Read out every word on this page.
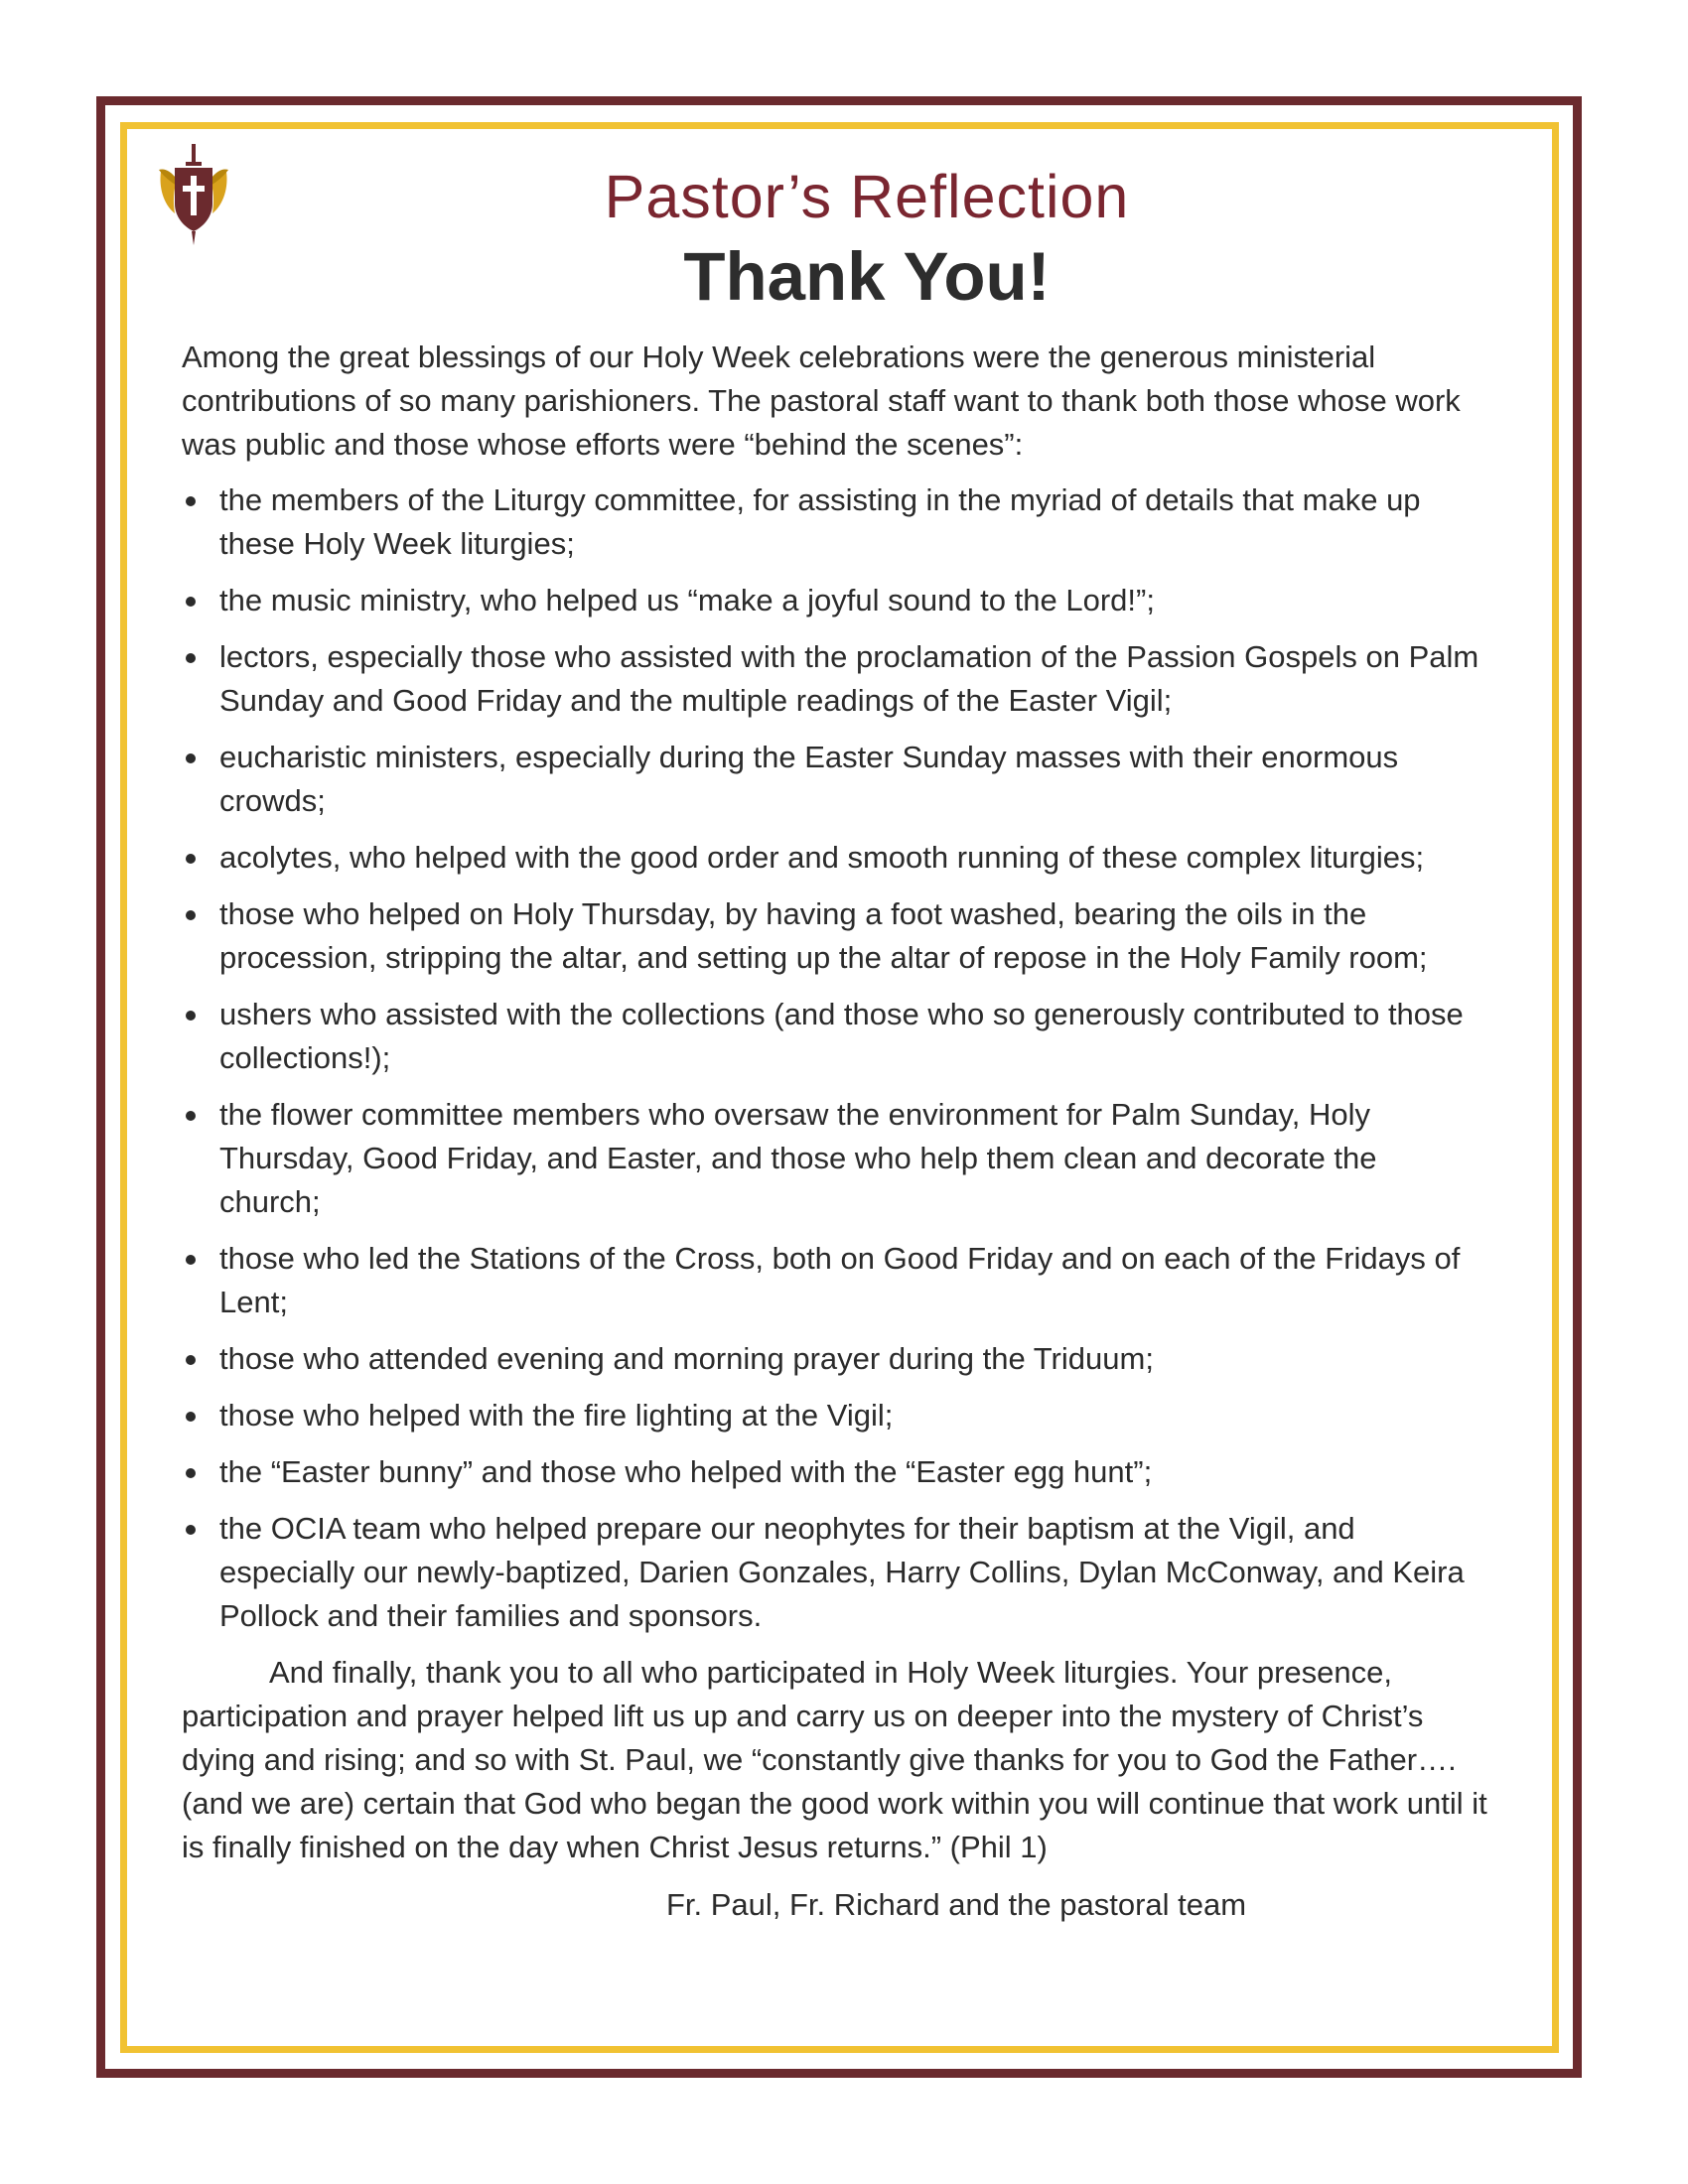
Pastor’s Reflection
Thank You!

Among the great blessings of our Holy Week celebrations were the generous ministerial contributions of so many parishioners. The pastoral staff want to thank both those whose work was public and those whose efforts were “behind the scenes”:

the members of the Liturgy committee, for assisting in the myriad of details that make up these Holy Week liturgies;
the music ministry, who helped us “make a joyful sound to the Lord!”;
lectors, especially those who assisted with the proclamation of the Passion Gospels on Palm Sunday and Good Friday and the multiple readings of the Easter Vigil;
eucharistic ministers, especially during the Easter Sunday masses with their enormous crowds;
acolytes, who helped with the good order and smooth running of these complex liturgies;
those who helped on Holy Thursday, by having a foot washed, bearing the oils in the procession, stripping the altar, and setting up the altar of repose in the Holy Family room;
ushers who assisted with the collections (and those who so generously contributed to those collections!);
the flower committee members who oversaw the environment for Palm Sunday, Holy Thursday, Good Friday, and Easter, and those who help them clean and decorate the church;
those who led the Stations of the Cross, both on Good Friday and on each of the Fridays of Lent;
those who attended evening and morning prayer during the Triduum;
those who helped with the fire lighting at the Vigil;
the “Easter bunny” and those who helped with the “Easter egg hunt”;
the OCIA team who helped prepare our neophytes for their baptism at the Vigil, and especially our newly-baptized, Darien Gonzales, Harry Collins, Dylan McConway, and Keira Pollock and their families and sponsors.

And finally, thank you to all who participated in Holy Week liturgies. Your presence, participation and prayer helped lift us up and carry us on deeper into the mystery of Christ’s dying and rising; and so with St. Paul, we “constantly give thanks for you to God the Father…. (and we are) certain that God who began the good work within you will continue that work until it is finally finished on the day when Christ Jesus returns.” (Phil 1)

Fr. Paul, Fr. Richard and the pastoral team
